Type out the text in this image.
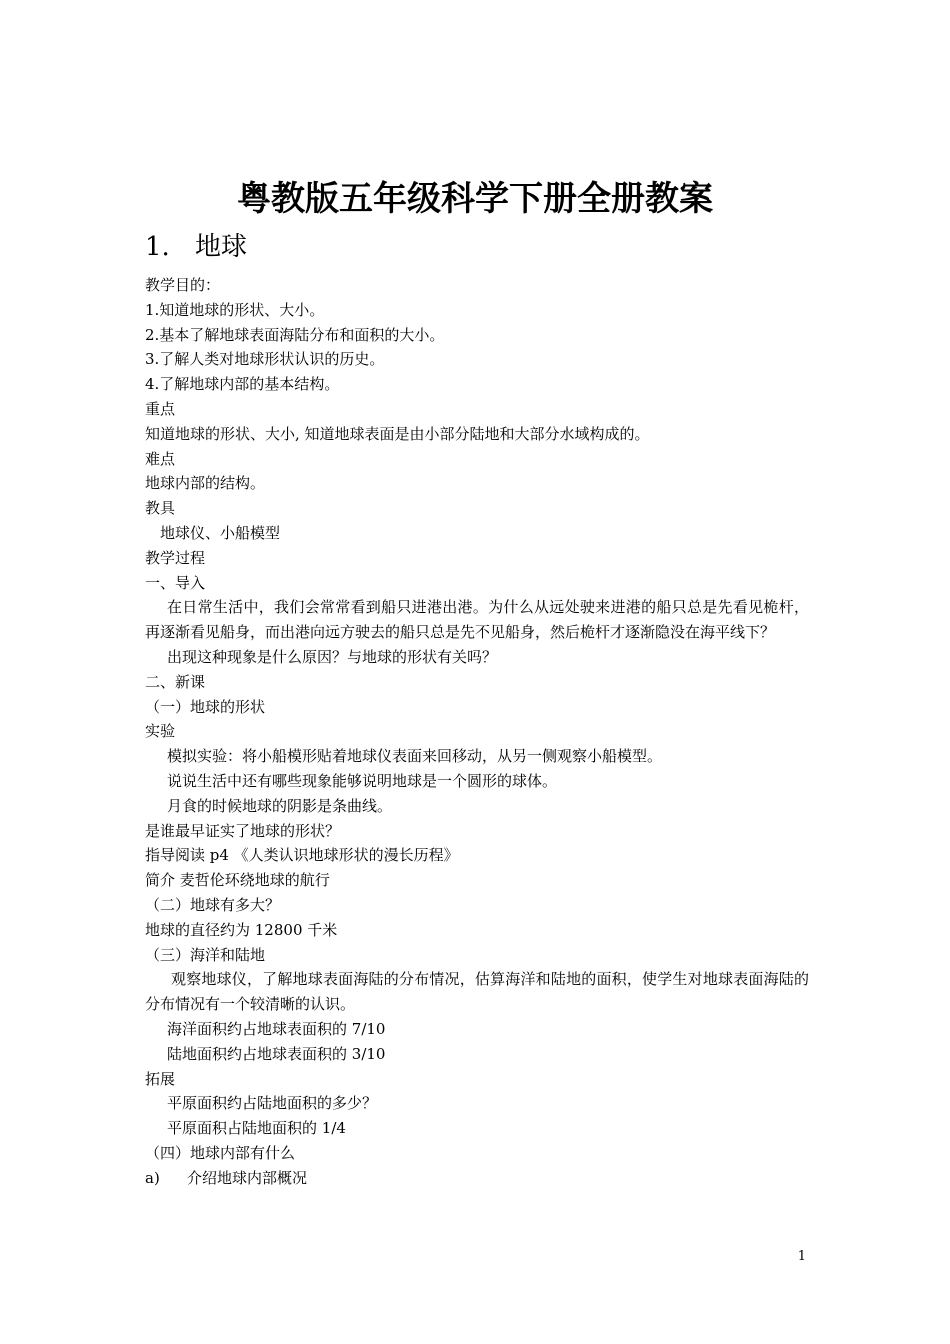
粤教版五年级科学下册全册教案
1. 地球
教学目的：
1.知道地球的形状、大小。
2.基本了解地球表面海陆分布和面积的大小。
3.了解人类对地球形状认识的历史。
4.了解地球内部的基本结构。
重点
知道地球的形状、大小, 知道地球表面是由小部分陆地和大部分水域构成的。
难点
地球内部的结构。
教具
地球仪、小船模型
教学过程
一、导入
在日常生活中，我们会常常看到船只进港出港。为什么从远处驶来进港的船只总是先看见桅杆，再逐渐看见船身，而出港向远方驶去的船只总是先不见船身，然后桅杆才逐渐隐没在海平线下？
出现这种现象是什么原因？与地球的形状有关吗？
二、新课
（一）地球的形状
实验
模拟实验：将小船模形贴着地球仪表面来回移动，从另一侧观察小船模型。
说说生活中还有哪些现象能够说明地球是一个圆形的球体。
月食的时候地球的阴影是条曲线。
是谁最早证实了地球的形状？
指导阅读 p4 《人类认识地球形状的漫长历程》
简介 麦哲伦环绕地球的航行
（二）地球有多大？
地球的直径约为 12800 千米
（三）海洋和陆地
观察地球仪，了解地球表面海陆的分布情况，估算海洋和陆地的面积，使学生对地球表面海陆的分布情况有一个较清晰的认识。
海洋面积约占地球表面积的 7/10
陆地面积约占地球表面积的 3/10
拓展
平原面积约占陆地面积的多少？
平原面积占陆地面积的 1/4
（四）地球内部有什么
a) 介绍地球内部概况
1
